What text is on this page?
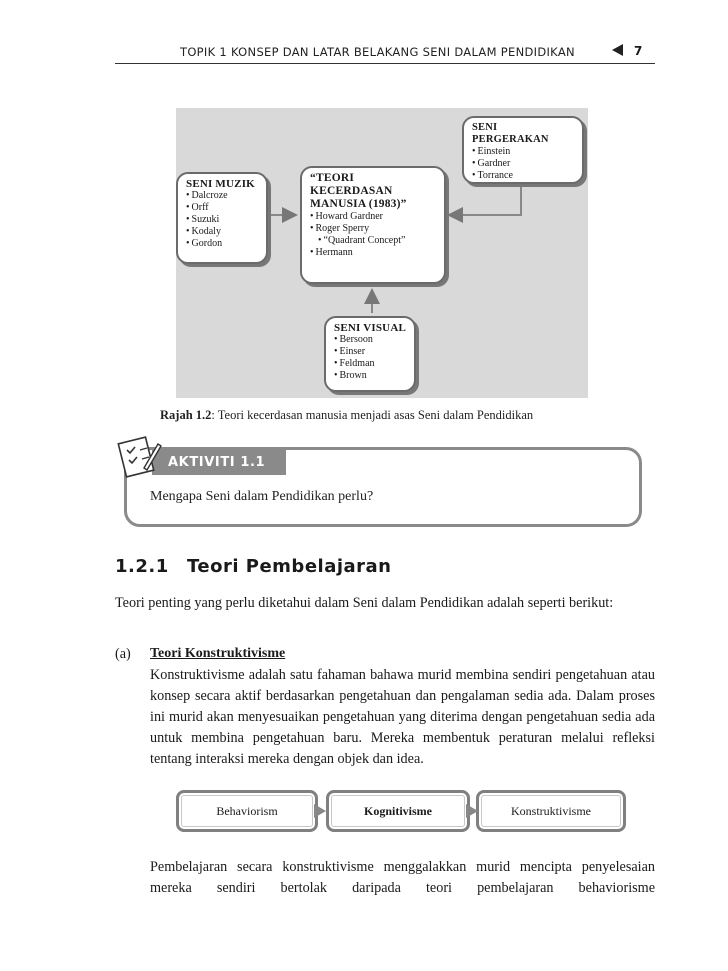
TOPIK 1 KONSEP DAN LATAR BELAKANG SENI DALAM PENDIDIKAN	7
“TEORI
KECERDASAN
MANUSIA (1983)”
• Howard Gardner
• Roger Sperry
• “Quadrant Concept”
• Hermann
SENI MUZIK
• Dalcroze
• Orff
• Suzuki
• Kodaly
• Gordon
SENI PERGERAKAN
• Einstein
• Gardner
• Torrance
SENI VISUAL
• Bersoon
• Einser
• Feldman
• Brown
Rajah 1.2: Teori kecerdasan manusia menjadi asas Seni dalam Pendidikan
AKTIVITI 1.1
Mengapa Seni dalam Pendidikan perlu?
1.2.1 Teori Pembelajaran

Teori penting yang perlu diketahui dalam Seni dalam Pendidikan adalah seperti berikut:

(a) Teori Konstruktivisme

Konstruktivisme adalah satu fahaman bahawa murid membina sendiri pengetahuan atau konsep secara aktif berdasarkan pengetahuan dan pengalaman sedia ada. Dalam proses ini murid akan menyesuaikan pengetahuan yang diterima dengan pengetahuan sedia ada untuk membina pengetahuan baru. Mereka membentuk peraturan melalui refleksi tentang interaksi mereka dengan objek dan idea.

Behaviorism	Kognitivisme	Konstruktivisme

Pembelajaran secara konstruktivisme menggalakkan murid mencipta penyelesaian mereka sendiri bertolak daripada teori pembelajaran behaviorisme
